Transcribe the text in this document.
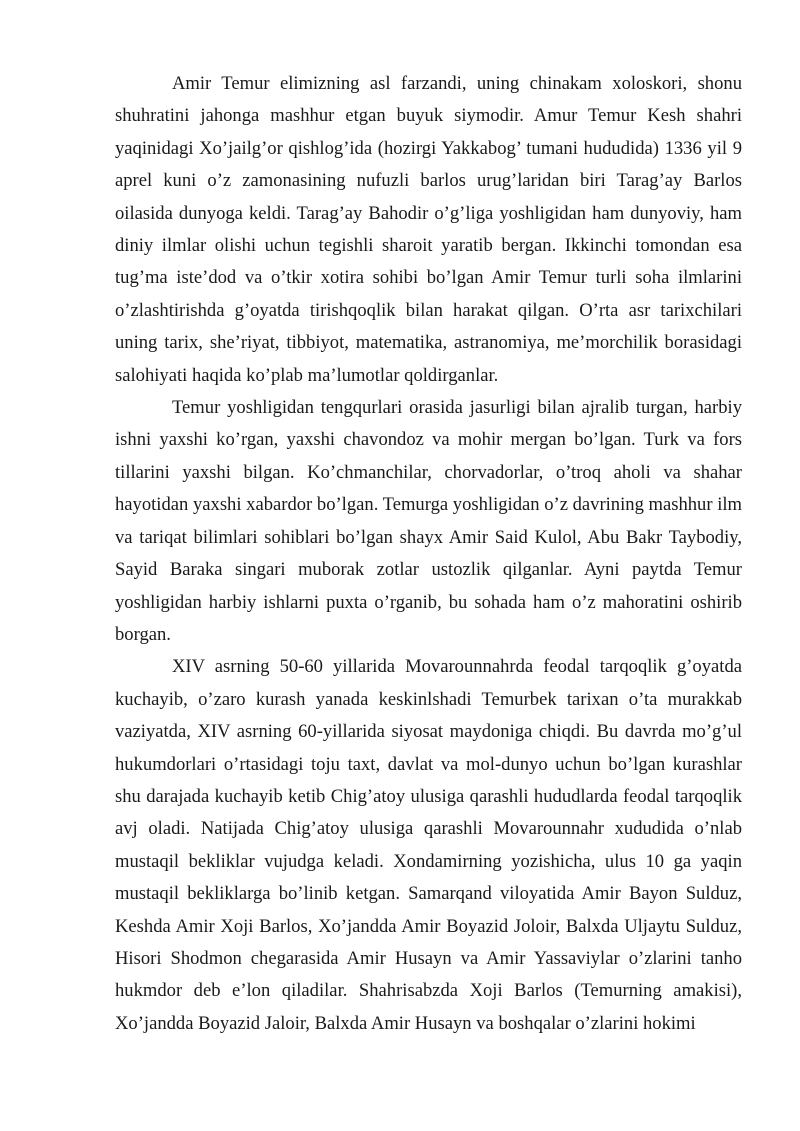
Amir Temur elimizning asl farzandi, uning chinakam xoloskori, shonu shuhratini jahonga mashhur etgan buyuk siymodir. Amur Temur Kesh shahri yaqinidagi Xo’jailg’or qishlog’ida (hozirgi Yakkabog’ tumani hududida) 1336 yil 9 aprel kuni o’z zamonasining nufuzli barlos urug’laridan biri Tarag’ay Barlos oilasida dunyoga keldi. Tarag’ay Bahodir o’g’liga yoshligidan ham dunyoviy, ham diniy ilmlar olishi uchun tegishli sharoit yaratib bergan. Ikkinchi tomondan esa tug’ma iste’dod va o’tkir xotira sohibi bo’lgan Amir Temur turli soha ilmlarini o’zlashtirishda g’oyatda tirishqoqlik bilan harakat qilgan. O’rta asr tarixchilari uning tarix, she’riyat, tibbiyot, matematika, astranomiya, me’morchilik borasidagi salohiyati haqida ko’plab ma’lumotlar qoldirganlar.

Temur yoshligidan tengqurlari orasida jasurligi bilan ajralib turgan, harbiy ishni yaxshi ko’rgan, yaxshi chavondoz va mohir mergan bo’lgan. Turk va fors tillarini yaxshi bilgan. Ko’chmanchilar, chorvadorlar, o’troq aholi va shahar hayotidan yaxshi xabardor bo’lgan. Temurga yoshligidan o’z davrining mashhur ilm va tariqat bilimlari sohiblari bo’lgan shayx Amir Said Kulol, Abu Bakr Taybodiy, Sayid Baraka singari muborak zotlar ustozlik qilganlar. Ayni paytda Temur yoshligidan harbiy ishlarni puxta o’rganib, bu sohada ham o’z mahoratini oshirib borgan.

XIV asrning 50-60 yillarida Movarounnahrda feodal tarqoqlik g’oyatda kuchayib, o’zaro kurash yanada keskinlshadi Temurbek tarixan o’ta murakkab vaziyatda, XIV asrning 60-yillarida siyosat maydoniga chiqdi. Bu davrda mo’g’ul hukumdorlari o’rtasidagi toju taxt, davlat va mol-dunyo uchun bo’lgan kurashlar shu darajada kuchayib ketib Chig’atoy ulusiga qarashli hududlarda feodal tarqoqlik avj oladi. Natijada Chig’atoy ulusiga qarashli Movarounnahr xududida o’nlab mustaqil bekliklar vujudga keladi. Xondamirning yozishicha, ulus 10 ga yaqin mustaqil bekliklarga bo’linib ketgan. Samarqand viloyatida Amir Bayon Sulduz, Keshda Amir Xoji Barlos, Xo’jandda Amir Boyazid Joloir, Balxda Uljaytu Sulduz, Hisori Shodmon chegarasida Amir Husayn va Amir Yassaviylar o’zlarini tanho hukmdor deb e’lon qiladilar. Shahrisabzda Xoji Barlos (Temurning amakisi), Xo’jandda Boyazid Jaloir, Balxda Amir Husayn va boshqalar o’zlarini hokimi
